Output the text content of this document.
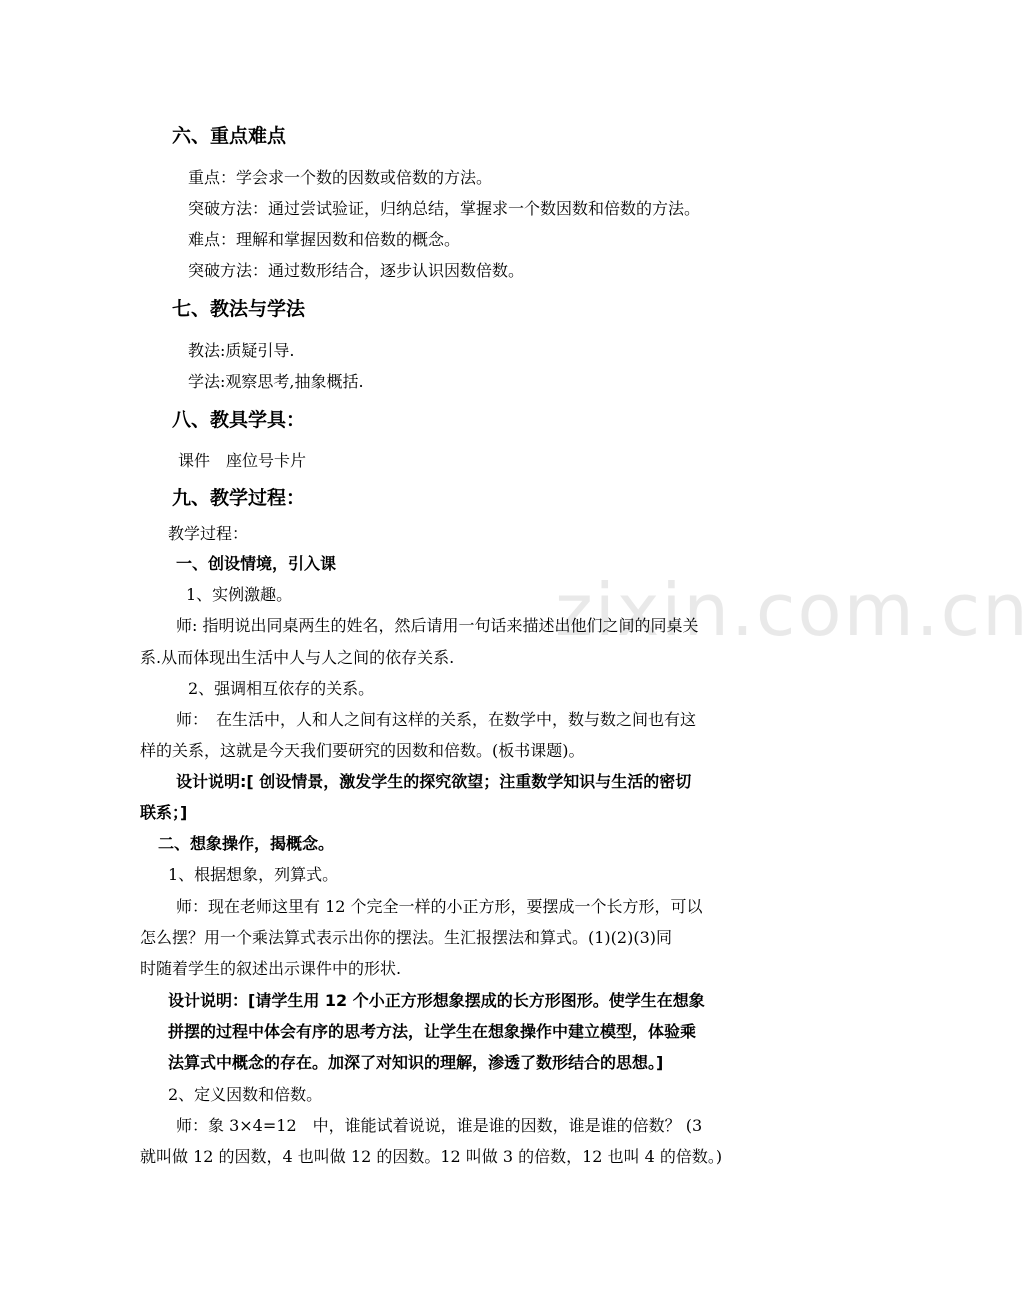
zixin.com.cn
六、重点难点
重点：学会求一个数的因数或倍数的方法。
突破方法：通过尝试验证，归纳总结，掌握求一个数因数和倍数的方法。
难点：理解和掌握因数和倍数的概念。
突破方法：通过数形结合，逐步认识因数倍数。
七、教法与学法
教法:质疑引导.
学法:观察思考,抽象概括.
八、教具学具：
课件　座位号卡片
九、教学过程：
教学过程：
一、创设情境，引入课
1、实例激趣。
师: 指明说出同桌两生的姓名，然后请用一句话来描述出他们之间的同桌关
系.从而体现出生活中人与人之间的依存关系.
2、强调相互依存的关系。
师：　在生活中，人和人之间有这样的关系，在数学中，数与数之间也有这
样的关系，这就是今天我们要研究的因数和倍数。(板书课题)。
设计说明:[ 创设情景，激发学生的探究欲望；注重数学知识与生活的密切
联系；]
二、想象操作，揭概念。
1、根据想象，列算式。
师：现在老师这里有 12 个完全一样的小正方形，要摆成一个长方形，可以
怎么摆？用一个乘法算式表示出你的摆法。生汇报摆法和算式。(1)(2)(3)同
时随着学生的叙述出示课件中的形状.
设计说明：[请学生用 12 个小正方形想象摆成的长方形图形。使学生在想象
拼摆的过程中体会有序的思考方法，让学生在想象操作中建立模型，体验乘
法算式中概念的存在。加深了对知识的理解，渗透了数形结合的思想。]
2、定义因数和倍数。
师：象 3×4=12　中，谁能试着说说，谁是谁的因数，谁是谁的倍数？ (3
就叫做 12 的因数，4 也叫做 12 的因数。12 叫做 3 的倍数，12 也叫 4 的倍数。)
